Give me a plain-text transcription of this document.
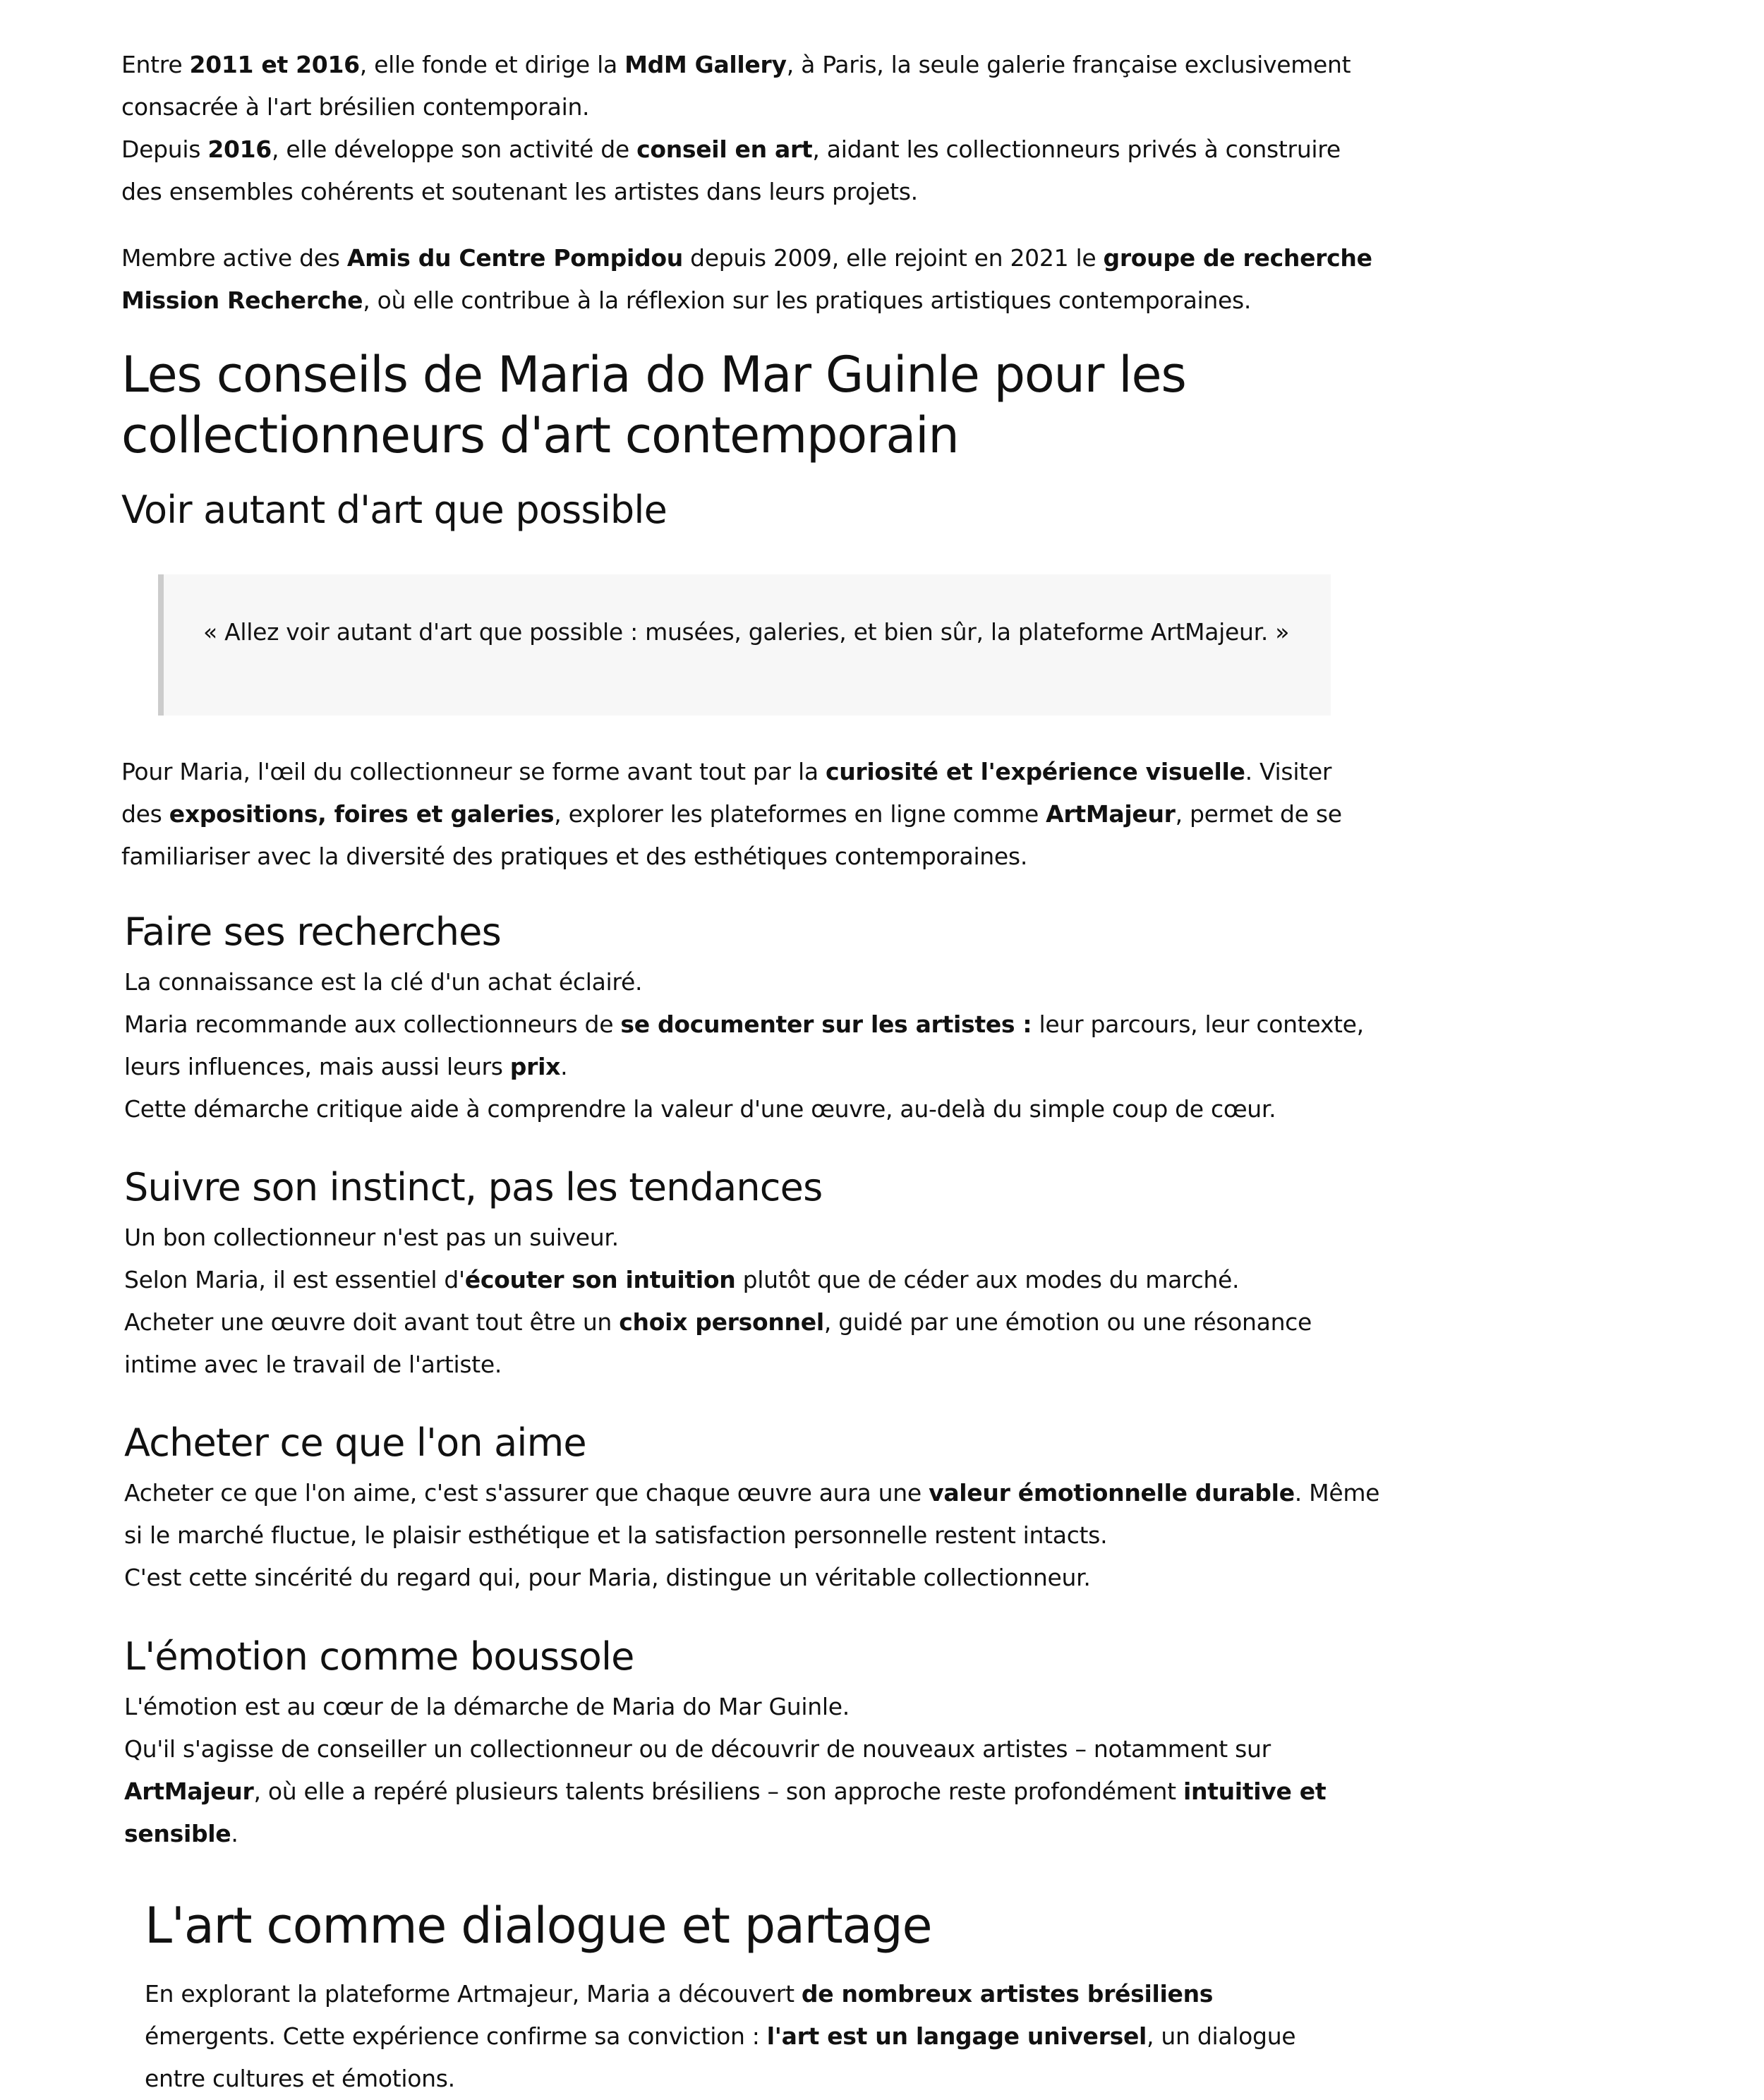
Entre 2011 et 2016, elle fonde et dirige la MdM Gallery, à Paris, la seule galerie française exclusivement consacrée à l'art brésilien contemporain.

Depuis 2016, elle développe son activité de conseil en art, aidant les collectionneurs privés à construire des ensembles cohérents et soutenant les artistes dans leurs projets.

Membre active des Amis du Centre Pompidou depuis 2009, elle rejoint en 2021 le groupe de recherche Mission Recherche, où elle contribue à la réflexion sur les pratiques artistiques contemporaines.

Les conseils de Maria do Mar Guinle pour les collectionneurs d'art contemporain
Voir autant d'art que possible

« Allez voir autant d'art que possible : musées, galeries, et bien sûr, la plateforme ArtMajeur. »

Pour Maria, l'œil du collectionneur se forme avant tout par la curiosité et l'expérience visuelle. Visiter des expositions, foires et galeries, explorer les plateformes en ligne comme ArtMajeur, permet de se familiariser avec la diversité des pratiques et des esthétiques contemporaines.

Faire ses recherches

La connaissance est la clé d'un achat éclairé.

Maria recommande aux collectionneurs de se documenter sur les artistes : leur parcours, leur contexte, leurs influences, mais aussi leurs prix.

Cette démarche critique aide à comprendre la valeur d'une œuvre, au-delà du simple coup de cœur.

Suivre son instinct, pas les tendances

Un bon collectionneur n'est pas un suiveur.

Selon Maria, il est essentiel d'écouter son intuition plutôt que de céder aux modes du marché.

Acheter une œuvre doit avant tout être un choix personnel, guidé par une émotion ou une résonance intime avec le travail de l'artiste.

Acheter ce que l'on aime

Acheter ce que l'on aime, c'est s'assurer que chaque œuvre aura une valeur émotionnelle durable. Même si le marché fluctue, le plaisir esthétique et la satisfaction personnelle restent intacts.

C'est cette sincérité du regard qui, pour Maria, distingue un véritable collectionneur.

L'émotion comme boussole

L'émotion est au cœur de la démarche de Maria do Mar Guinle.

Qu'il s'agisse de conseiller un collectionneur ou de découvrir de nouveaux artistes – notamment sur ArtMajeur, où elle a repéré plusieurs talents brésiliens – son approche reste profondément intuitive et sensible.

L'art comme dialogue et partage

En explorant la plateforme Artmajeur, Maria a découvert de nombreux artistes brésiliens émergents. Cette expérience confirme sa conviction : l'art est un langage universel, un dialogue entre cultures et émotions.
